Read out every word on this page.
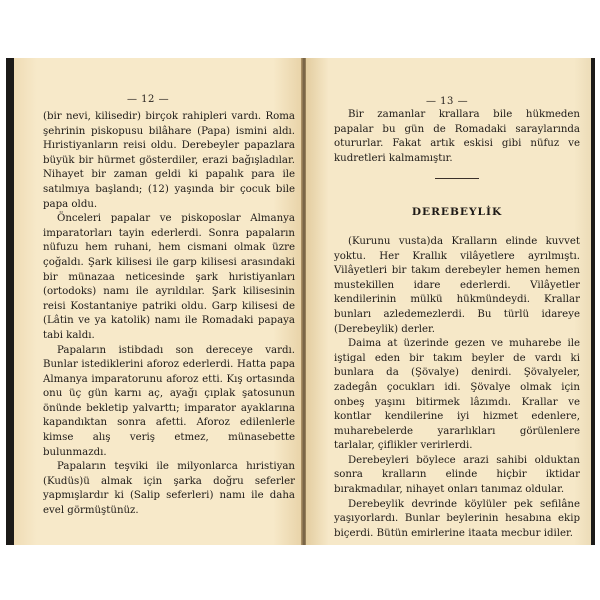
— 12 —

(bir nevi, kilisedir) birçok rahipleri vardı. Roma şehrinin piskopusu bilâhare (Papa) ismini aldı. Hıristiyanların reisi oldu. Derebeyler papazlara büyük bir hürmet gösterdiler, erazi bağışladılar. Nihayet bir zaman geldi ki papalık para ile satılmıya başlandı; (12) yaşında bir çocuk bile papa oldu.

Önceleri papalar ve piskoposlar Almanya imparatorları tayin ederlerdi. Sonra papaların nüfuzu hem ruhani, hem cismani olmak üzre çoğaldı. Şark kilisesi ile garp kilisesi arasındaki bir münazaa neticesinde şark hıristiyanları (ortodoks) namı ile ayrıldılar. Şark kilisesinin reisi Kostantaniye patriki oldu. Garp kilisesi de (Lâtin ve ya katolik) namı ile Romadaki papaya tabi kaldı.

Papaların istibdadı son dereceye vardı. Bunlar istediklerini aforoz ederlerdi. Hatta papa Almanya imparatorunu aforoz etti. Kış ortasında onu üç gün karnı aç, ayağı çıplak şatosunun önünde bekletip yalvarttı; imparator ayaklarına kapandıktan sonra afetti. Aforoz edilenlerle kimse alış veriş etmez, münasebette bulunmazdı.

Papaların teşviki ile milyonlarca hıristiyan (Kudüs)ü almak için şarka doğru seferler yapmışlardır ki (Salip seferleri) namı ile daha evel görmüştünüz.

— 13 —

Bir zamanlar krallara bile hükmeden papalar bu gün de Romadaki saraylarında otururlar. Fakat artık eskisi gibi nüfuz ve kudretleri kalmamıştır.

DEREBEYLİK

(Kurunu vusta)da Kralların elinde kuvvet yoktu. Her Krallık vilâyetlere ayrılmıştı. Vilâyetleri bir takım derebeyler hemen hemen mustekillen idare ederlerdi. Vilâyetler kendilerinin mülkü hükmündeydi. Krallar bunları azledemezlerdi. Bu türlü idareye (Derebeylik) derler.

Daima at üzerinde gezen ve muharebe ile iştigal eden bir takım beyler de vardı ki bunlara da (Şövalye) denirdi. Şövalyeler, zadegân çocukları idi. Şövalye olmak için onbeş yaşını bitirmek lâzımdı. Krallar ve kontlar kendilerine iyi hizmet edenlere, muharebelerde yararlıkları görülenlere tarlalar, çiflikler verirlerdi.

Derebeyleri böylece arazi sahibi olduktan sonra kralların elinde hiçbir iktidar bırakmadılar, nihayet onları tanımaz oldular.

Derebeylik devrinde köylüler pek sefilâne yaşıyorlardı. Bunlar beylerinin hesabına ekip biçerdi. Bütün emirlerine itaata mecbur idiler.
